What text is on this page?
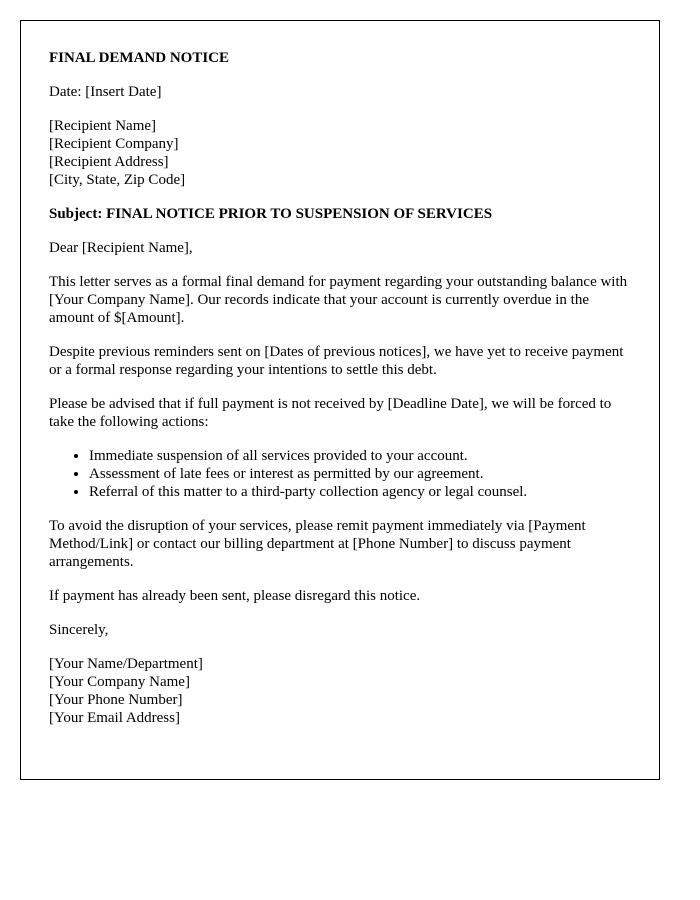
FINAL DEMAND NOTICE
Date: [Insert Date]
[Recipient Name]
[Recipient Company]
[Recipient Address]
[City, State, Zip Code]
Subject: FINAL NOTICE PRIOR TO SUSPENSION OF SERVICES

Dear [Recipient Name],

This letter serves as a formal final demand for payment regarding your outstanding balance with [Your Company Name]. Our records indicate that your account is currently overdue in the amount of $[Amount].

Despite previous reminders sent on [Dates of previous notices], we have yet to receive payment or a formal response regarding your intentions to settle this debt.

Please be advised that if full payment is not received by [Deadline Date], we will be forced to take the following actions:

• Immediate suspension of all services provided to your account.
• Assessment of late fees or interest as permitted by our agreement.
• Referral of this matter to a third-party collection agency or legal counsel.

To avoid the disruption of your services, please remit payment immediately via [Payment Method/Link] or contact our billing department at [Phone Number] to discuss payment arrangements.

If payment has already been sent, please disregard this notice.

Sincerely,

[Your Name/Department]
[Your Company Name]
[Your Phone Number]
[Your Email Address]
